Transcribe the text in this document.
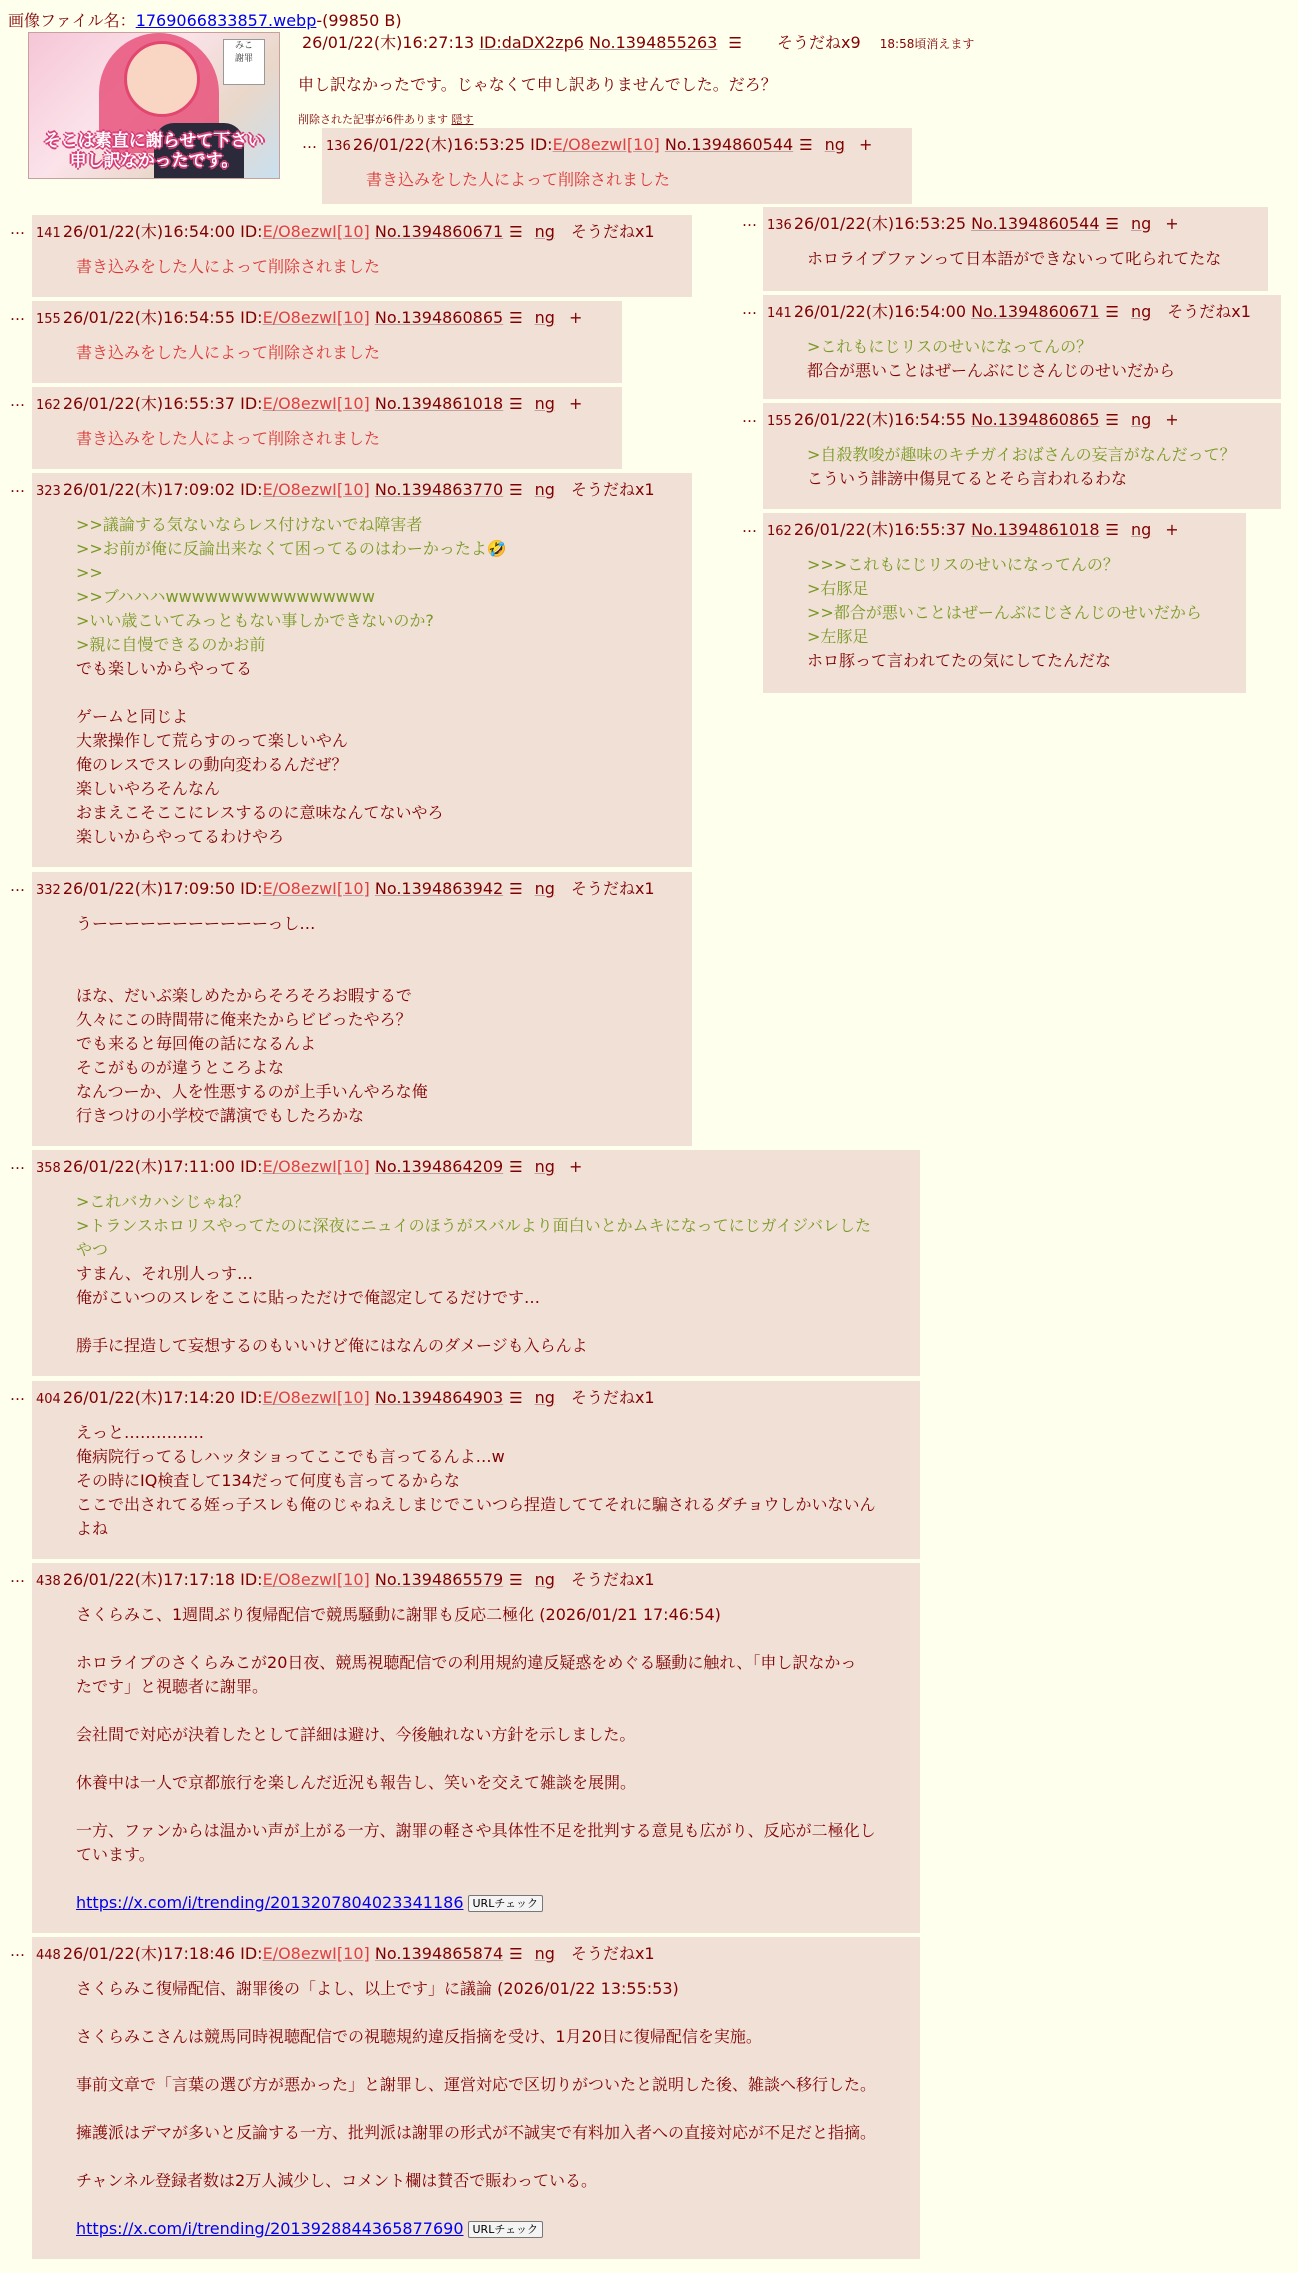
画像ファイル名：1769066833857.webp-(99850 B)
みこ
謝罪
そこは素直に謝らせて下さい
申し訳なかったです。
26/01/22(木)16:27:13 ID:daDX2zp6 No.1394855263 ☰ そうだねx9 18:58頃消えます
申し訳なかったです。じゃなくて申し訳ありませんでした。だろ？
削除された記事が6件あります 隠す
… 136 26/01/22(木)16:53:25 ID:E/O8ezwI[10] No.1394860544 ☰ ng +
書き込みをした人によって削除されました
… 141 26/01/22(木)16:54:00 ID:E/O8ezwI[10] No.1394860671 ☰ ng そうだねx1
書き込みをした人によって削除されました
… 155 26/01/22(木)16:54:55 ID:E/O8ezwI[10] No.1394860865 ☰ ng +
書き込みをした人によって削除されました
… 162 26/01/22(木)16:55:37 ID:E/O8ezwI[10] No.1394861018 ☰ ng +
書き込みをした人によって削除されました
… 323 26/01/22(木)17:09:02 ID:E/O8ezwI[10] No.1394863770 ☰ ng そうだねx1
>>議論する気ないならレス付けないでね障害者
>>お前が俺に反論出来なくて困ってるのはわーかったよ🤣
>>
>>ブハハハwwwwwwwwwwwwwwww
>いい歳こいてみっともない事しかできないのか?
>親に自慢できるのかお前
でも楽しいからやってる
ゲームと同じよ
大衆操作して荒らすのって楽しいやん
俺のレスでスレの動向変わるんだぜ？
楽しいやろそんなん
おまえこそここにレスするのに意味なんてないやろ
楽しいからやってるわけやろ
… 332 26/01/22(木)17:09:50 ID:E/O8ezwI[10] No.1394863942 ☰ ng そうだねx1
うーーーーーーーーーーーっし…
ほな、だいぶ楽しめたからそろそろお暇するで
久々にこの時間帯に俺来たからビビったやろ？
でも来ると毎回俺の話になるんよ
そこがものが違うところよな
なんつーか、人を性悪するのが上手いんやろな俺
行きつけの小学校で講演でもしたろかな
… 358 26/01/22(木)17:11:00 ID:E/O8ezwI[10] No.1394864209 ☰ ng +
>これバカハシじゃね？
>トランスホロリスやってたのに深夜にニュイのほうがスバルより面白いとかムキになってにじガイジバレした
やつ
すまん、それ別人っす…
俺がこいつのスレをここに貼っただけで俺認定してるだけです…
勝手に捏造して妄想するのもいいけど俺にはなんのダメージも入らんよ
… 404 26/01/22(木)17:14:20 ID:E/O8ezwI[10] No.1394864903 ☰ ng そうだねx1
えっと……………
俺病院行ってるしハッタショってここでも言ってるんよ…w
その時にIQ検査して134だって何度も言ってるからな
ここで出されてる姪っ子スレも俺のじゃねえしまじでこいつら捏造しててそれに騙されるダチョウしかいないん
よね
… 438 26/01/22(木)17:17:18 ID:E/O8ezwI[10] No.1394865579 ☰ ng そうだねx1
さくらみこ、1週間ぶり復帰配信で競馬騒動に謝罪も反応二極化 (2026/01/21 17:46:54)
ホロライブのさくらみこが20日夜、競馬視聴配信での利用規約違反疑惑をめぐる騒動に触れ、「申し訳なかっ
たです」と視聴者に謝罪。
会社間で対応が決着したとして詳細は避け、今後触れない方針を示しました。
休養中は一人で京都旅行を楽しんだ近況も報告し、笑いを交えて雑談を展開。
一方、ファンからは温かい声が上がる一方、謝罪の軽さや具体性不足を批判する意見も広がり、反応が二極化し
ています。
https://x.com/i/trending/2013207804023341186 URLチェック
… 448 26/01/22(木)17:18:46 ID:E/O8ezwI[10] No.1394865874 ☰ ng そうだねx1
さくらみこ復帰配信、謝罪後の「よし、以上です」に議論 (2026/01/22 13:55:53)
さくらみこさんは競馬同時視聴配信での視聴規約違反指摘を受け、1月20日に復帰配信を実施。
事前文章で「言葉の選び方が悪かった」と謝罪し、運営対応で区切りがついたと説明した後、雑談へ移行した。
擁護派はデマが多いと反論する一方、批判派は謝罪の形式が不誠実で有料加入者への直接対応が不足だと指摘。
チャンネル登録者数は2万人減少し、コメント欄は賛否で賑わっている。
https://x.com/i/trending/2013928844365877690 URLチェック
… 136 26/01/22(木)16:53:25 No.1394860544 ☰ ng +
ホロライブファンって日本語ができないって叱られてたな
… 141 26/01/22(木)16:54:00 No.1394860671 ☰ ng そうだねx1
>これもにじリスのせいになってんの？
都合が悪いことはぜーんぶにじさんじのせいだから
… 155 26/01/22(木)16:54:55 No.1394860865 ☰ ng +
>自殺教唆が趣味のキチガイおばさんの妄言がなんだって？
こういう誹謗中傷見てるとそら言われるわな
… 162 26/01/22(木)16:55:37 No.1394861018 ☰ ng +
>>>これもにじリスのせいになってんの？
>右豚足
>>都合が悪いことはぜーんぶにじさんじのせいだから
>左豚足
ホロ豚って言われてたの気にしてたんだな
